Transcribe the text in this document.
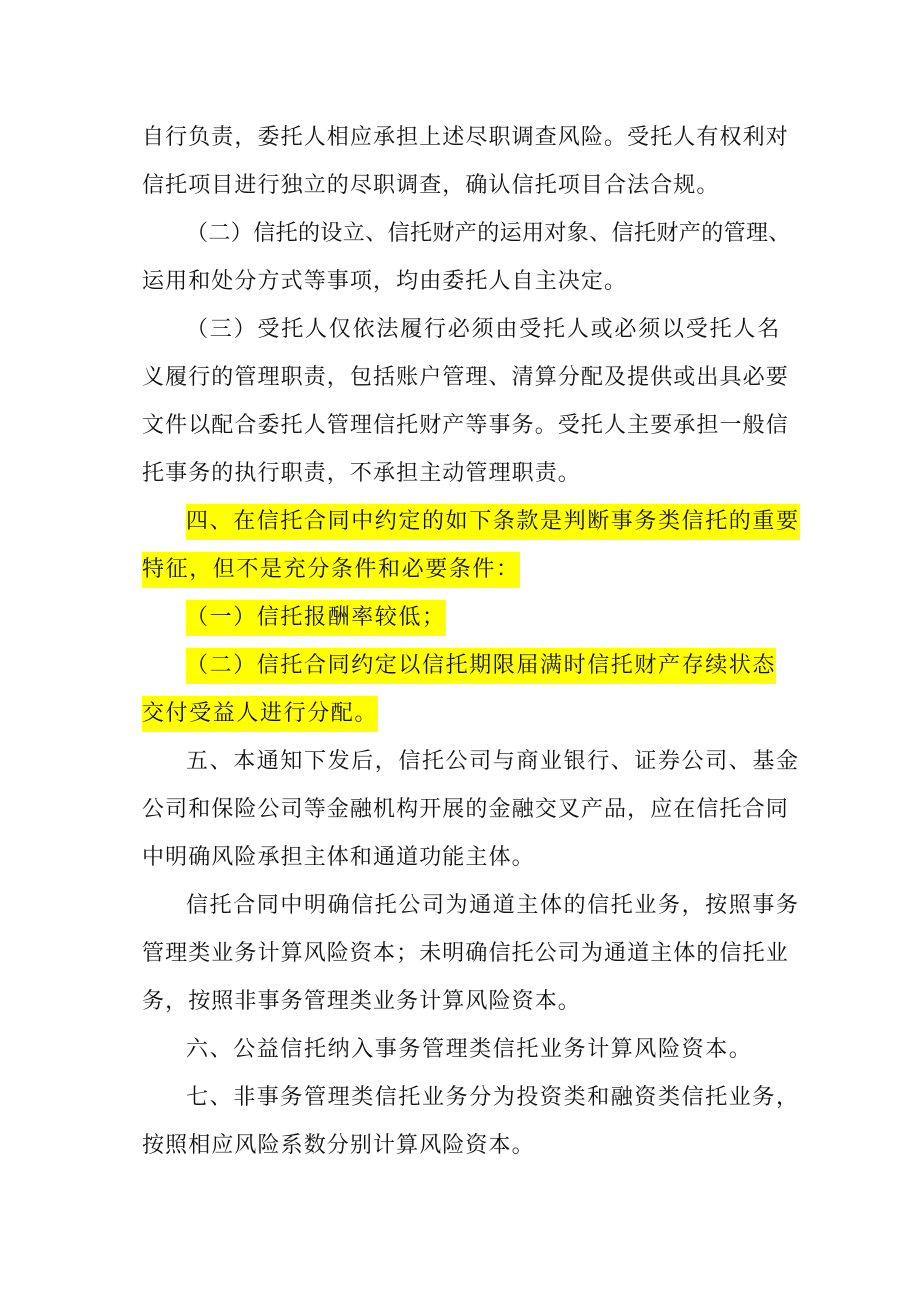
自行负责，委托人相应承担上述尽职调查风险。受托人有权利对
信托项目进行独立的尽职调查，确认信托项目合法合规。
（二）信托的设立、信托财产的运用对象、信托财产的管理、
运用和处分方式等事项，均由委托人自主决定。
（三）受托人仅依法履行必须由受托人或必须以受托人名
义履行的管理职责，包括账户管理、清算分配及提供或出具必要
文件以配合委托人管理信托财产等事务。受托人主要承担一般信
托事务的执行职责，不承担主动管理职责。
四、在信托合同中约定的如下条款是判断事务类信托的重要
特征，但不是充分条件和必要条件：
（一）信托报酬率较低；
（二）信托合同约定以信托期限届满时信托财产存续状态
交付受益人进行分配。
五、本通知下发后，信托公司与商业银行、证券公司、基金
公司和保险公司等金融机构开展的金融交叉产品，应在信托合同
中明确风险承担主体和通道功能主体。
信托合同中明确信托公司为通道主体的信托业务，按照事务
管理类业务计算风险资本；未明确信托公司为通道主体的信托业
务，按照非事务管理类业务计算风险资本。
六、公益信托纳入事务管理类信托业务计算风险资本。
七、非事务管理类信托业务分为投资类和融资类信托业务，
按照相应风险系数分别计算风险资本。
